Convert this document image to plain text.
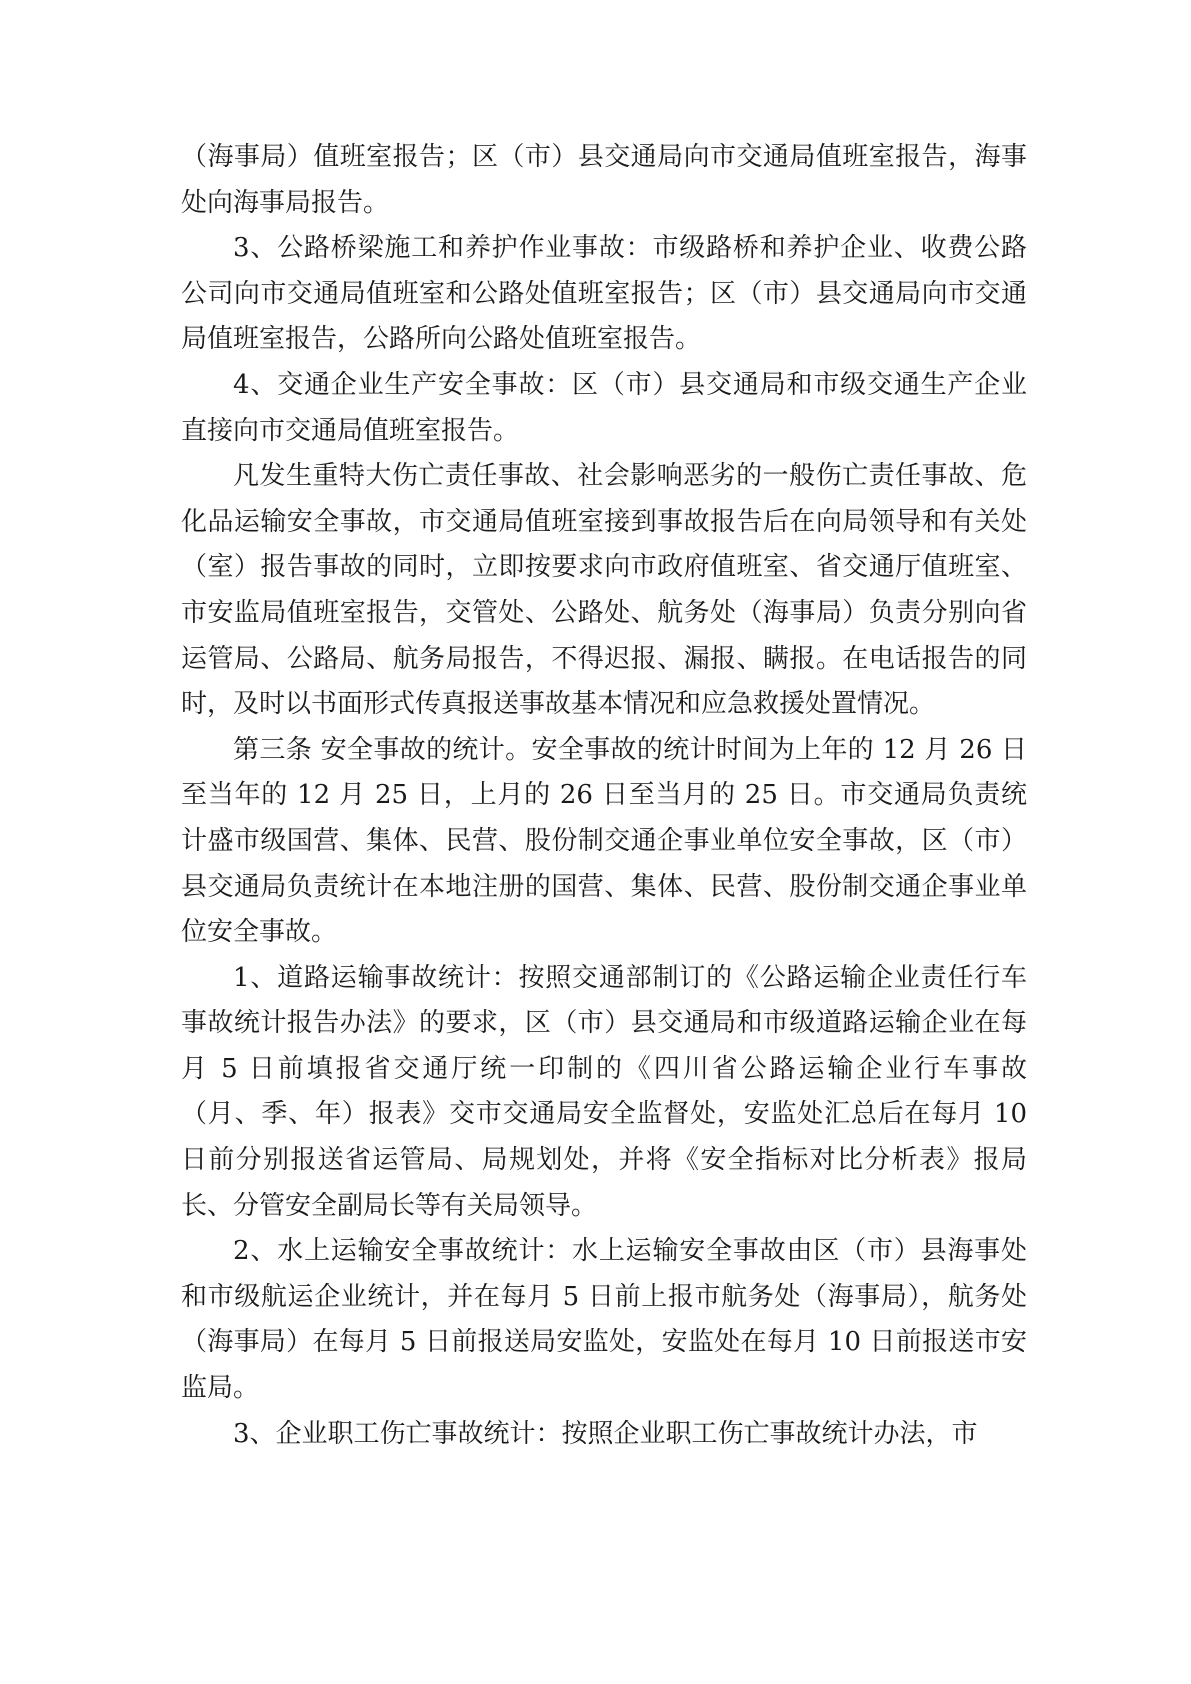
（海事局）值班室报告；区（市）县交通局向市交通局值班室报告，海事处向海事局报告。

3、公路桥梁施工和养护作业事故：市级路桥和养护企业、收费公路公司向市交通局值班室和公路处值班室报告；区（市）县交通局向市交通局值班室报告，公路所向公路处值班室报告。

4、交通企业生产安全事故：区（市）县交通局和市级交通生产企业直接向市交通局值班室报告。

凡发生重特大伤亡责任事故、社会影响恶劣的一般伤亡责任事故、危化品运输安全事故，市交通局值班室接到事故报告后在向局领导和有关处（室）报告事故的同时，立即按要求向市政府值班室、省交通厅值班室、市安监局值班室报告，交管处、公路处、航务处（海事局）负责分别向省运管局、公路局、航务局报告，不得迟报、漏报、瞒报。在电话报告的同时，及时以书面形式传真报送事故基本情况和应急救援处置情况。

第三条 安全事故的统计。安全事故的统计时间为上年的 12 月 26 日至当年的 12 月 25 日，上月的 26 日至当月的 25 日。市交通局负责统计盛市级国营、集体、民营、股份制交通企事业单位安全事故，区（市）县交通局负责统计在本地注册的国营、集体、民营、股份制交通企事业单位安全事故。

1、道路运输事故统计：按照交通部制订的《公路运输企业责任行车事故统计报告办法》的要求，区（市）县交通局和市级道路运输企业在每月 5 日前填报省交通厅统一印制的《四川省公路运输企业行车事故 （月、季、年）报表》交市交通局安全监督处，安监处汇总后在每月 10 日前分别报送省运管局、局规划处，并将《安全指标对比分析表》报局长、分管安全副局长等有关局领导。

2、水上运输安全事故统计：水上运输安全事故由区（市）县海事处和市级航运企业统计，并在每月 5 日前上报市航务处（海事局），航务处（海事局）在每月 5 日前报送局安监处，安监处在每月 10 日前报送市安监局。

3、企业职工伤亡事故统计：按照企业职工伤亡事故统计办法，市
